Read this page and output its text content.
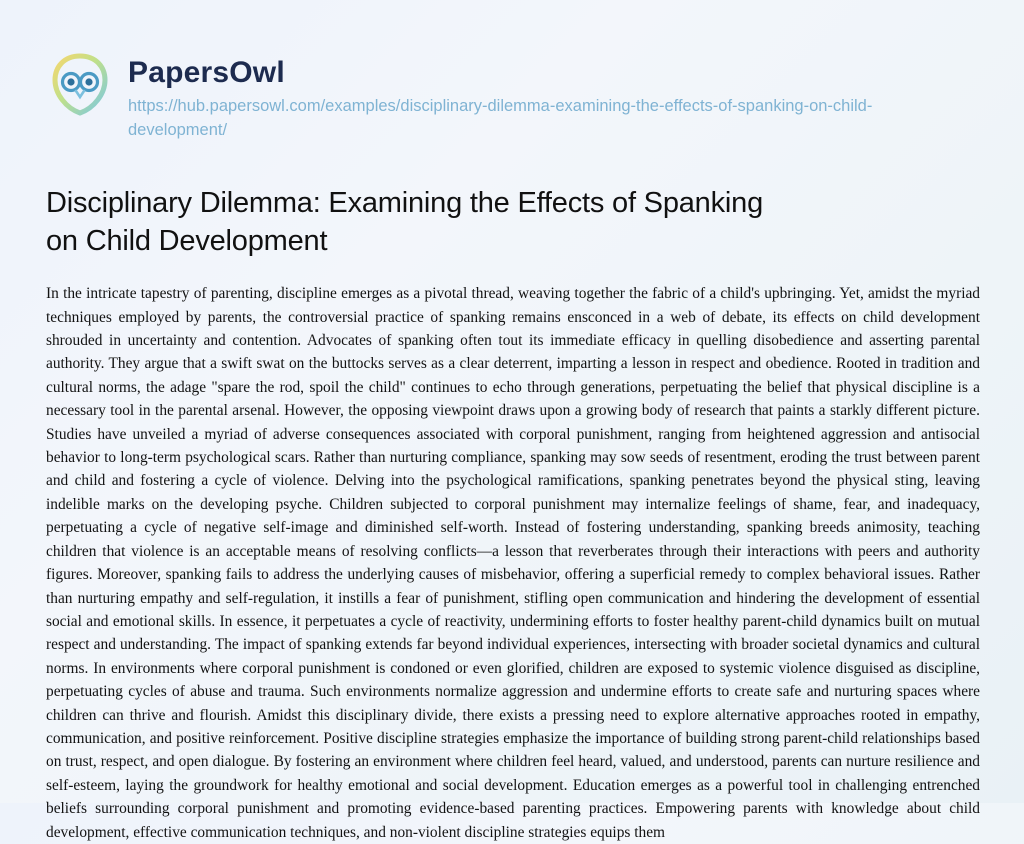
PapersOwl
https://hub.papersowl.com/examples/disciplinary-dilemma-examining-the-effects-of-spanking-on-child-development/
Disciplinary Dilemma: Examining the Effects of Spanking on Child Development
In the intricate tapestry of parenting, discipline emerges as a pivotal thread, weaving together the fabric of a child's upbringing. Yet, amidst the myriad techniques employed by parents, the controversial practice of spanking remains ensconced in a web of debate, its effects on child development shrouded in uncertainty and contention. Advocates of spanking often tout its immediate efficacy in quelling disobedience and asserting parental authority. They argue that a swift swat on the buttocks serves as a clear deterrent, imparting a lesson in respect and obedience. Rooted in tradition and cultural norms, the adage "spare the rod, spoil the child" continues to echo through generations, perpetuating the belief that physical discipline is a necessary tool in the parental arsenal. However, the opposing viewpoint draws upon a growing body of research that paints a starkly different picture. Studies have unveiled a myriad of adverse consequences associated with corporal punishment, ranging from heightened aggression and antisocial behavior to long-term psychological scars. Rather than nurturing compliance, spanking may sow seeds of resentment, eroding the trust between parent and child and fostering a cycle of violence. Delving into the psychological ramifications, spanking penetrates beyond the physical sting, leaving indelible marks on the developing psyche. Children subjected to corporal punishment may internalize feelings of shame, fear, and inadequacy, perpetuating a cycle of negative self-image and diminished self-worth. Instead of fostering understanding, spanking breeds animosity, teaching children that violence is an acceptable means of resolving conflicts—a lesson that reverberates through their interactions with peers and authority figures. Moreover, spanking fails to address the underlying causes of misbehavior, offering a superficial remedy to complex behavioral issues. Rather than nurturing empathy and self-regulation, it instills a fear of punishment, stifling open communication and hindering the development of essential social and emotional skills. In essence, it perpetuates a cycle of reactivity, undermining efforts to foster healthy parent-child dynamics built on mutual respect and understanding. The impact of spanking extends far beyond individual experiences, intersecting with broader societal dynamics and cultural norms. In environments where corporal punishment is condoned or even glorified, children are exposed to systemic violence disguised as discipline, perpetuating cycles of abuse and trauma. Such environments normalize aggression and undermine efforts to create safe and nurturing spaces where children can thrive and flourish. Amidst this disciplinary divide, there exists a pressing need to explore alternative approaches rooted in empathy, communication, and positive reinforcement. Positive discipline strategies emphasize the importance of building strong parent-child relationships based on trust, respect, and open dialogue. By fostering an environment where children feel heard, valued, and understood, parents can nurture resilience and self-esteem, laying the groundwork for healthy emotional and social development. Education emerges as a powerful tool in challenging entrenched beliefs surrounding corporal punishment and promoting evidence-based parenting practices. Empowering parents with knowledge about child development, effective communication techniques, and non-violent discipline strategies equips them
